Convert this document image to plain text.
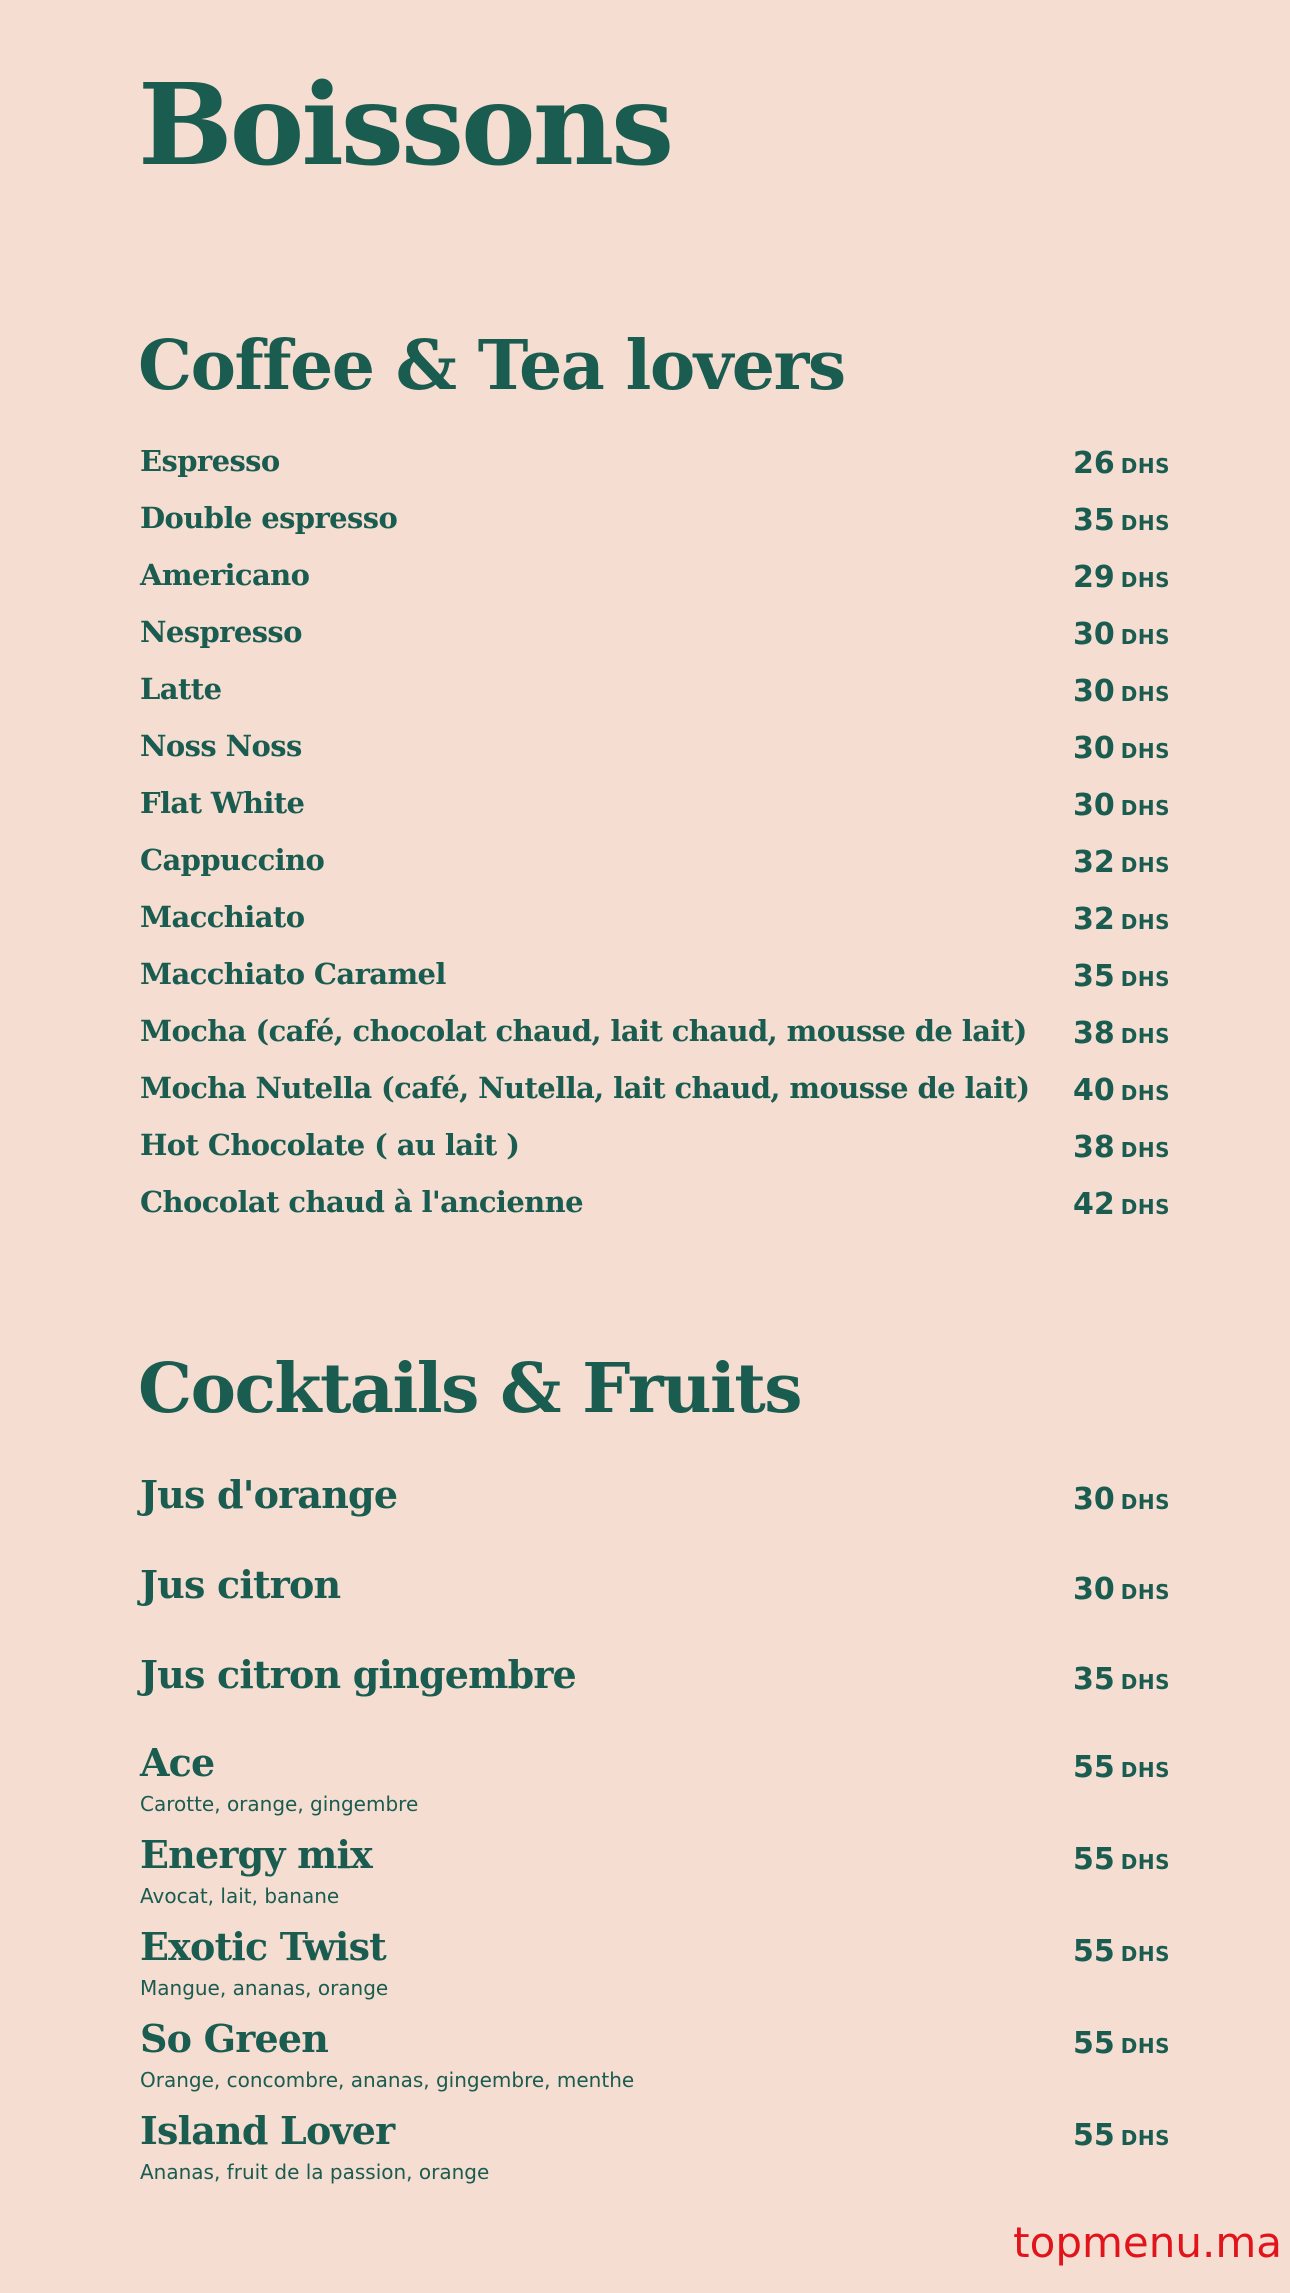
Boissons
Coffee & Tea lovers
Espresso	26 DHS
Double espresso	35 DHS
Americano	29 DHS
Nespresso	30 DHS
Latte	30 DHS
Noss Noss	30 DHS
Flat White	30 DHS
Cappuccino	32 DHS
Macchiato	32 DHS
Macchiato Caramel	35 DHS
Mocha (café, chocolat chaud, lait chaud, mousse de lait) 38 DHS
Mocha Nutella (café, Nutella, lait chaud, mousse de lait) 40 DHS
Hot Chocolate ( au lait )	38 DHS
Chocolat chaud à l'ancienne	42 DHS
Cocktails & Fruits
Jus d'orange	30 DHS
Jus citron	30 DHS
Jus citron gingembre	35 DHS
Ace
Carotte, orange, gingembre
55 DHS
Energy mix
Avocat, lait, banane
55 DHS
Exotic Twist
Mangue, ananas, orange
55 DHS
So Green
Orange, concombre, ananas, gingembre, menthe
55 DHS
Island Lover
Ananas, fruit de la passion, orange
55 DHS
topmenu.ma
